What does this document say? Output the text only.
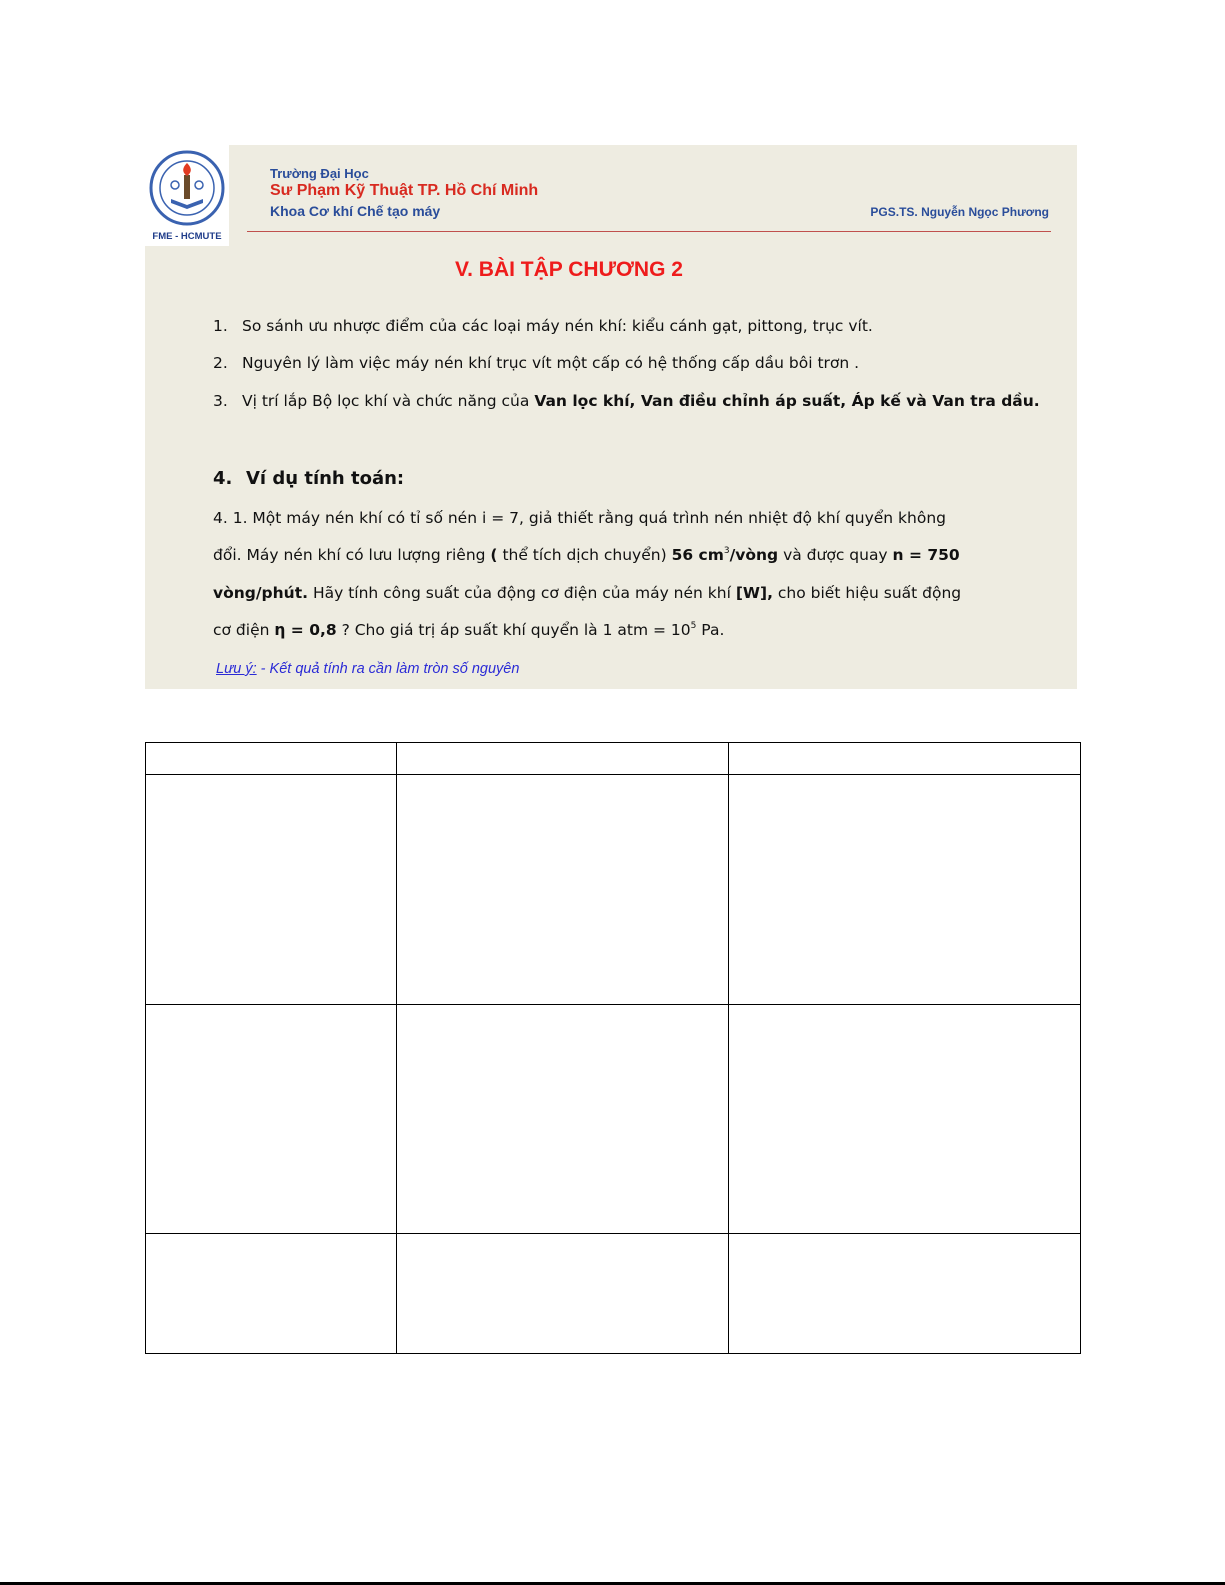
FME - HCMUTE
Trường Đại Học
Sư Phạm Kỹ Thuật TP. Hồ Chí Minh
Khoa Cơ khí Chế tạo máy	PGS.TS. Nguyễn Ngọc Phương
V. BÀI TẬP CHƯƠNG 2
1. So sánh ưu nhược điểm của các loại máy nén khí: kiểu cánh gạt, pittong, trục vít.
2. Nguyên lý làm việc máy nén khí trục vít một cấp có hệ thống cấp dầu bôi trơn .
3. Vị trí lắp Bộ lọc khí và chức năng của Van lọc khí, Van điều chỉnh áp suất, Áp kế và Van tra dầu.
4. Ví dụ tính toán:
4. 1. Một máy nén khí có tỉ số nén i = 7, giả thiết rằng quá trình nén nhiệt độ khí quyển không
đổi. Máy nén khí có lưu lượng riêng ( thể tích dịch chuyển) 56 $cm^3$/vòng và được quay n = 750
vòng/phút. Hãy tính công suất của động cơ điện của máy nén khí [W], cho biết hiệu suất động
cơ điện η = 0,8 ? Cho giá trị áp suất khí quyển là 1 atm = $10^5$ Pa.
Lưu ý: - Kết quả tính ra cần làm tròn số nguyên
